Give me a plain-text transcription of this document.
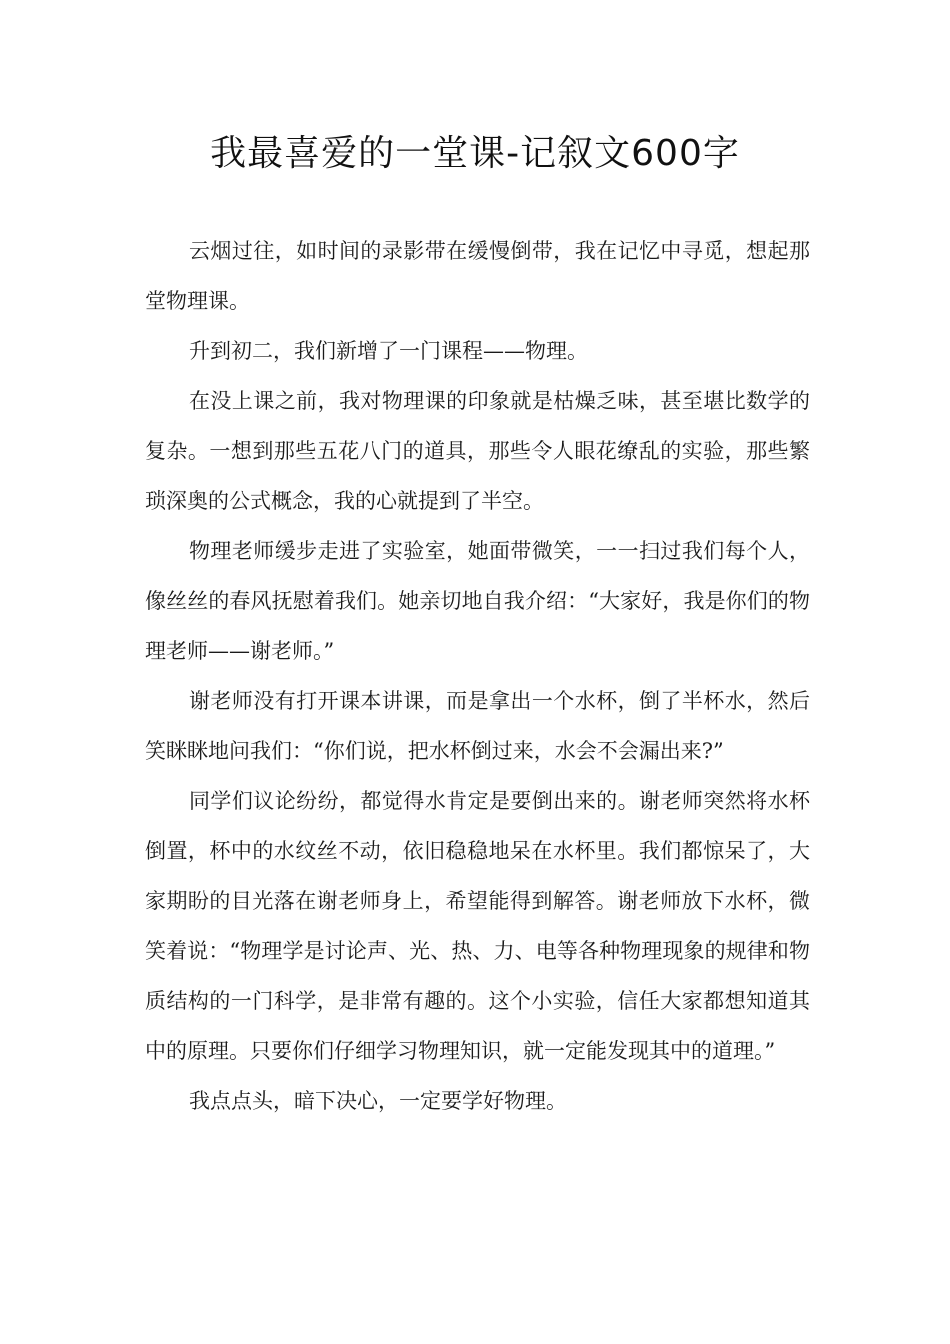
我最喜爱的一堂课-记叙文600字

云烟过往，如时间的录影带在缓慢倒带，我在记忆中寻觅，想起那堂物理课。

升到初二，我们新增了一门课程——物理。

在没上课之前，我对物理课的印象就是枯燥乏味，甚至堪比数学的复杂。一想到那些五花八门的道具，那些令人眼花缭乱的实验，那些繁琐深奥的公式概念，我的心就提到了半空。

物理老师缓步走进了实验室，她面带微笑，一一扫过我们每个人，像丝丝的春风抚慰着我们。她亲切地自我介绍：“大家好，我是你们的物理老师——谢老师。”

谢老师没有打开课本讲课，而是拿出一个水杯，倒了半杯水，然后笑眯眯地问我们：“你们说，把水杯倒过来，水会不会漏出来?”

同学们议论纷纷，都觉得水肯定是要倒出来的。谢老师突然将水杯倒置，杯中的水纹丝不动，依旧稳稳地呆在水杯里。我们都惊呆了，大家期盼的目光落在谢老师身上，希望能得到解答。谢老师放下水杯，微笑着说：“物理学是讨论声、光、热、力、电等各种物理现象的规律和物质结构的一门科学，是非常有趣的。这个小实验，信任大家都想知道其中的原理。只要你们仔细学习物理知识，就一定能发现其中的道理。”

我点点头，暗下决心，一定要学好物理。
